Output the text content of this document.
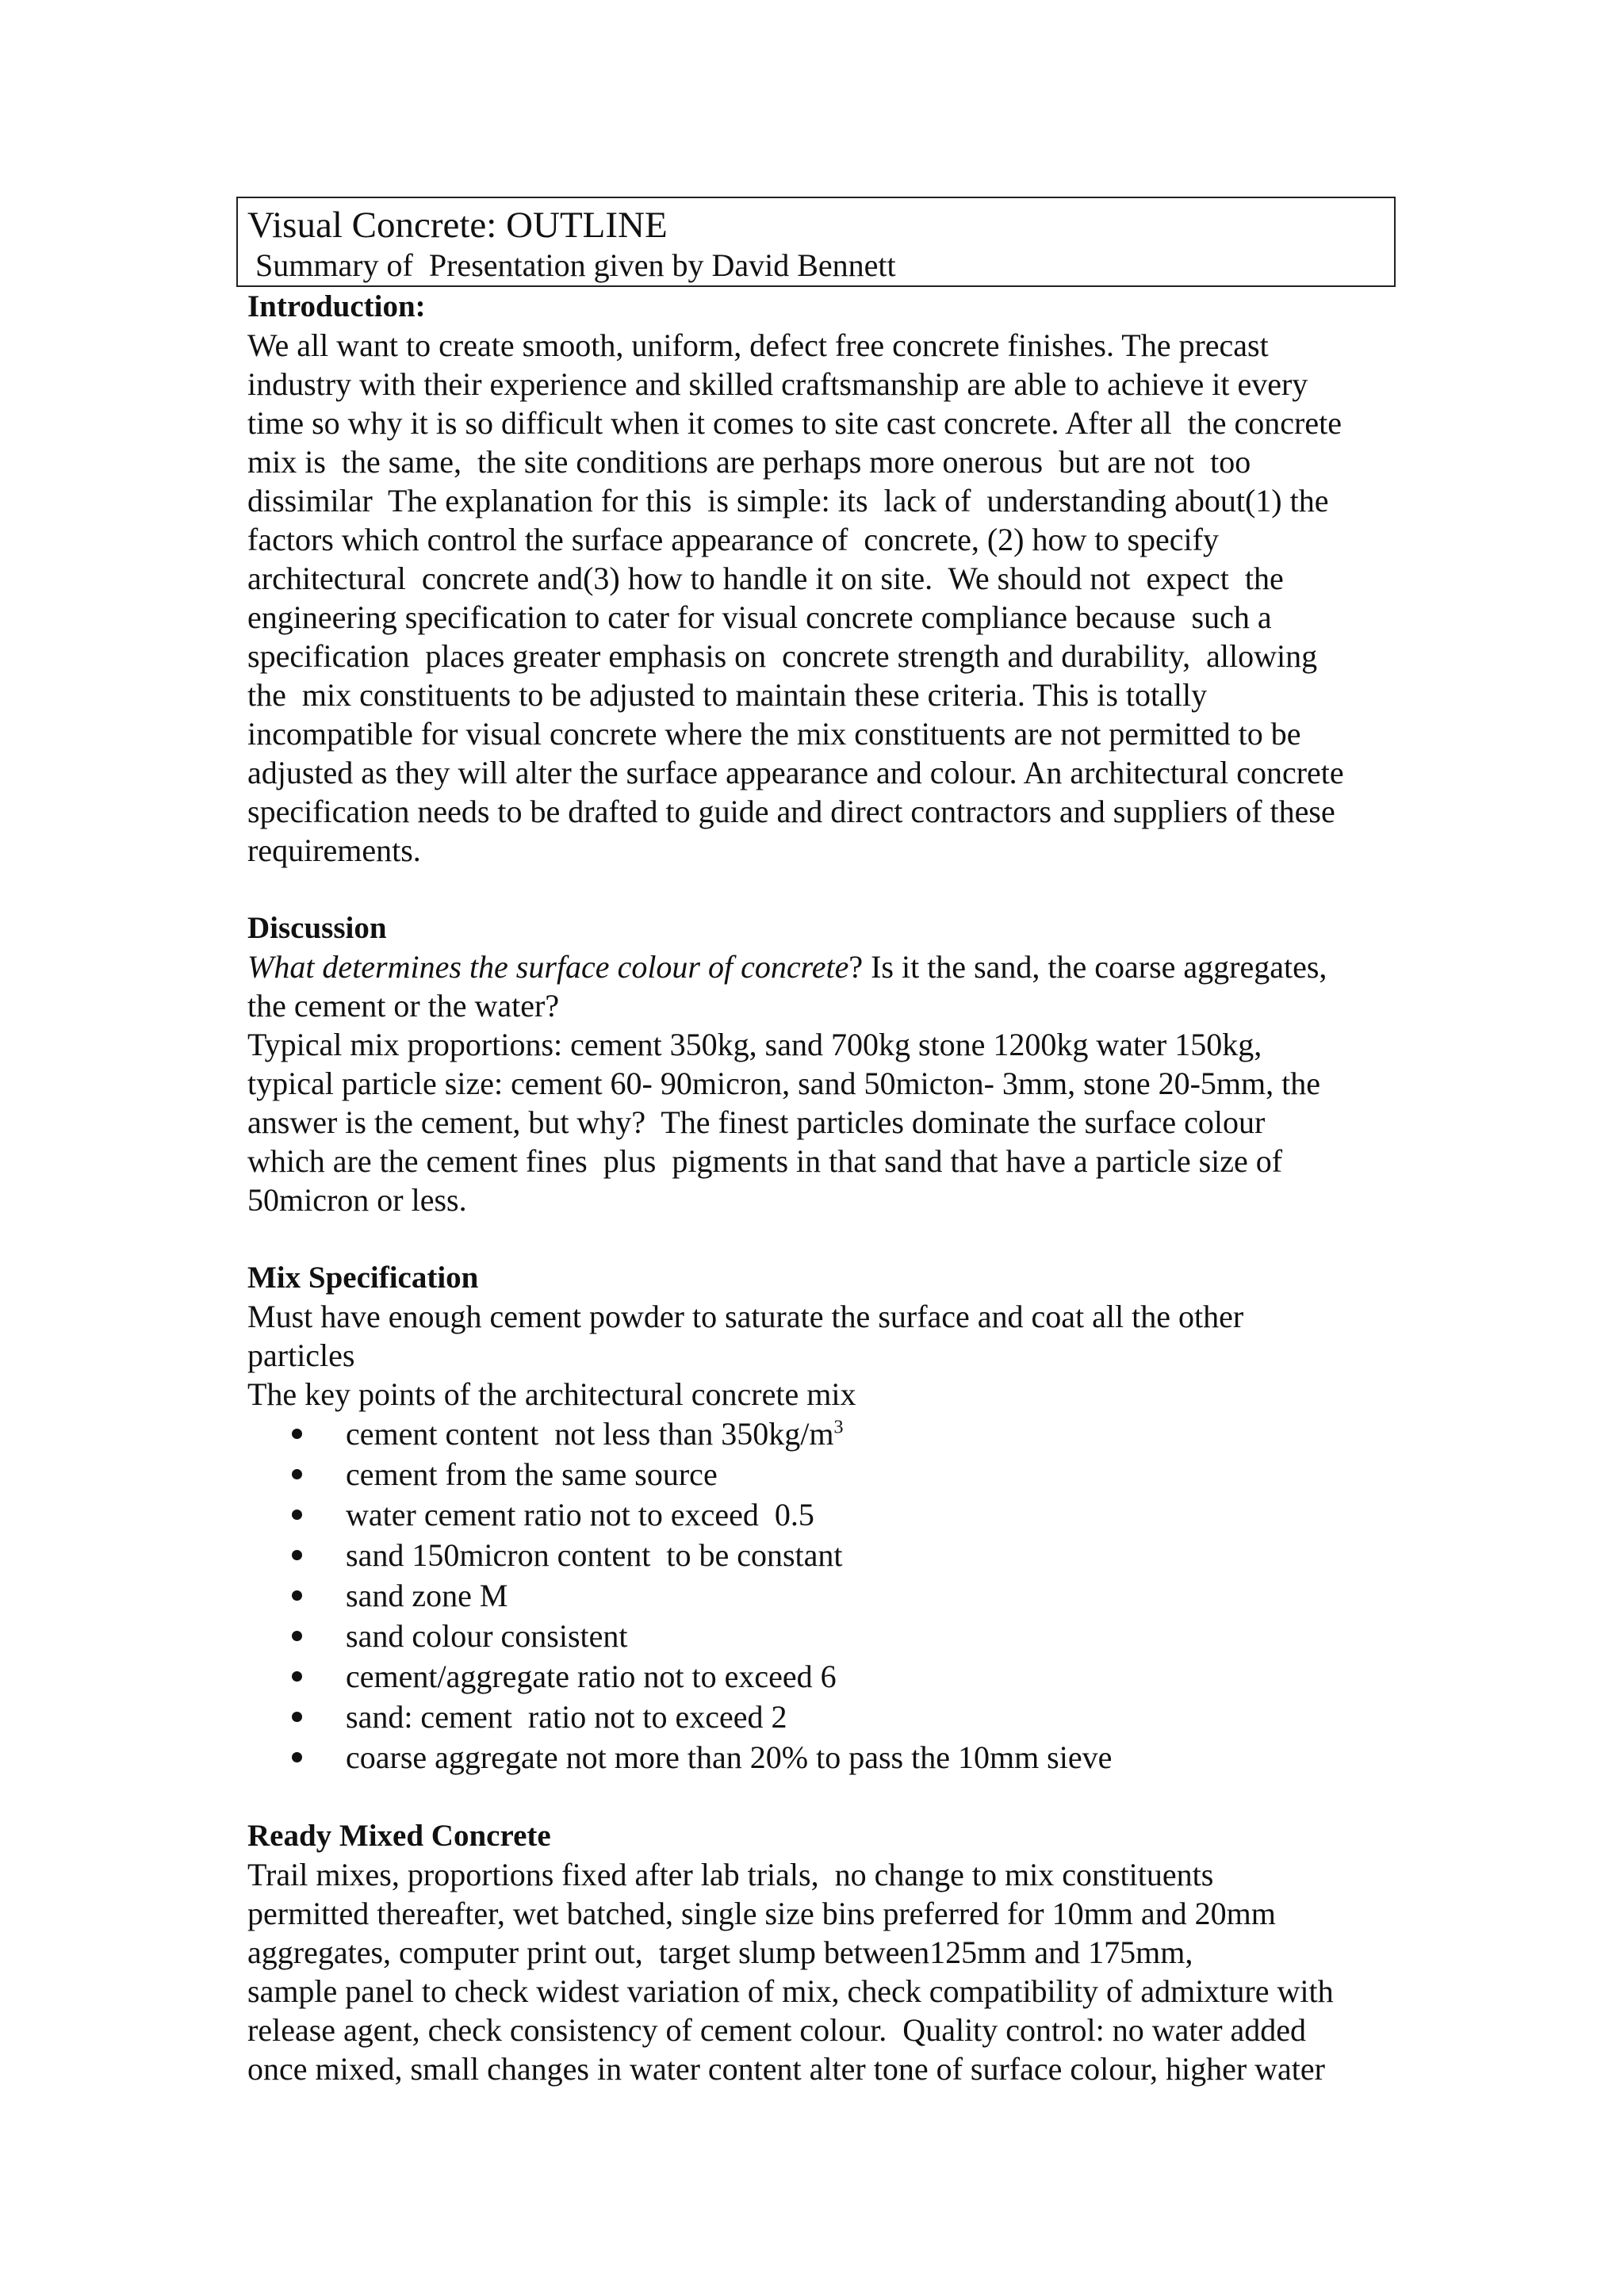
Visual Concrete: OUTLINE
Summary of  Presentation given by David Bennett
Introduction:
We all want to create smooth, uniform, defect free concrete finishes. The precast
industry with their experience and skilled craftsmanship are able to achieve it every
time so why it is so difficult when it comes to site cast concrete. After all  the concrete
mix is  the same,  the site conditions are perhaps more onerous  but are not  too
dissimilar  The explanation for this  is simple: its  lack of  understanding about(1) the
factors which control the surface appearance of  concrete, (2) how to specify
architectural  concrete and(3) how to handle it on site.  We should not  expect  the
engineering specification to cater for visual concrete compliance because  such a
specification  places greater emphasis on  concrete strength and durability,  allowing
the  mix constituents to be adjusted to maintain these criteria. This is totally
incompatible for visual concrete where the mix constituents are not permitted to be
adjusted as they will alter the surface appearance and colour. An architectural concrete
specification needs to be drafted to guide and direct contractors and suppliers of these
requirements.
Discussion
What determines the surface colour of concrete? Is it the sand, the coarse aggregates,
the cement or the water?
Typical mix proportions: cement 350kg, sand 700kg stone 1200kg water 150kg,
typical particle size: cement 60- 90micron, sand 50micton- 3mm, stone 20-5mm, the
answer is the cement, but why?  The finest particles dominate the surface colour
which are the cement fines  plus  pigments in that sand that have a particle size of
50micron or less.
Mix Specification
Must have enough cement powder to saturate the surface and coat all the other
particles
The key points of the architectural concrete mix
cement content  not less than $350kg/m^3$
cement from the same source
water cement ratio not to exceed  0.5
sand 150micron content  to be constant
sand zone M
sand colour consistent
cement/aggregate ratio not to exceed 6
sand: cement  ratio not to exceed 2
coarse aggregate not more than 20% to pass the 10mm sieve
Ready Mixed Concrete
Trail mixes, proportions fixed after lab trials,  no change to mix constituents
permitted thereafter, wet batched, single size bins preferred for 10mm and 20mm
aggregates, computer print out,  target slump between125mm and 175mm,
sample panel to check widest variation of mix, check compatibility of admixture with
release agent, check consistency of cement colour.  Quality control: no water added
once mixed, small changes in water content alter tone of surface colour, higher water
